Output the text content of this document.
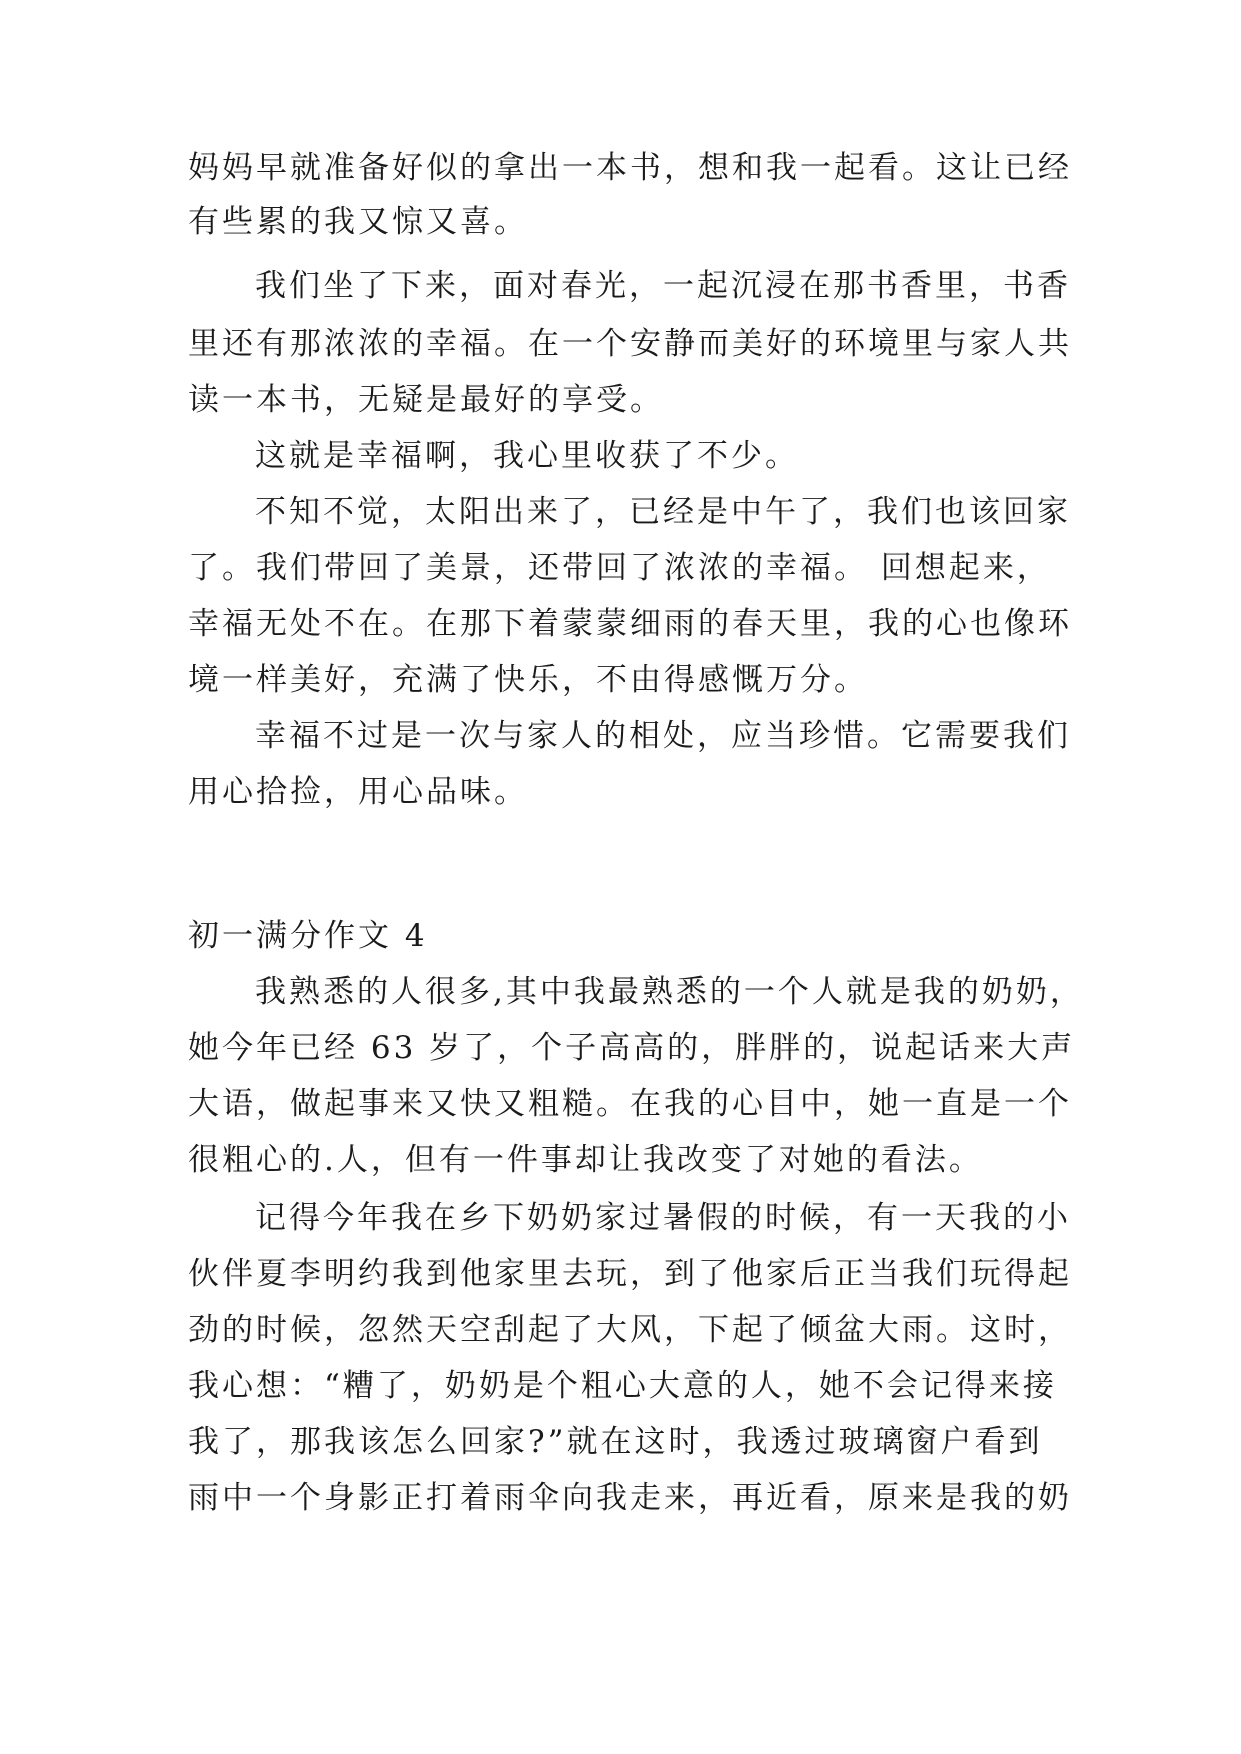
妈妈早就准备好似的拿出一本书，想和我一起看。这让已经
有些累的我又惊又喜。
我们坐了下来，面对春光，一起沉浸在那书香里，书香
里还有那浓浓的幸福。在一个安静而美好的环境里与家人共
读一本书，无疑是最好的享受。
这就是幸福啊，我心里收获了不少。
不知不觉，太阳出来了，已经是中午了，我们也该回家
了。我们带回了美景，还带回了浓浓的幸福。 回想起来，
幸福无处不在。在那下着蒙蒙细雨的春天里，我的心也像环
境一样美好，充满了快乐，不由得感慨万分。
幸福不过是一次与家人的相处，应当珍惜。它需要我们
用心拾捡，用心品味。
初一满分作文 4
我熟悉的人很多,其中我最熟悉的一个人就是我的奶奶，
她今年已经 63 岁了，个子高高的，胖胖的，说起话来大声
大语，做起事来又快又粗糙。在我的心目中，她一直是一个
很粗心的.人，但有一件事却让我改变了对她的看法。
记得今年我在乡下奶奶家过暑假的时候，有一天我的小
伙伴夏李明约我到他家里去玩，到了他家后正当我们玩得起
劲的时候，忽然天空刮起了大风，下起了倾盆大雨。这时，
我心想：“糟了，奶奶是个粗心大意的人，她不会记得来接
我了，那我该怎么回家?”就在这时，我透过玻璃窗户看到
雨中一个身影正打着雨伞向我走来，再近看，原来是我的奶
